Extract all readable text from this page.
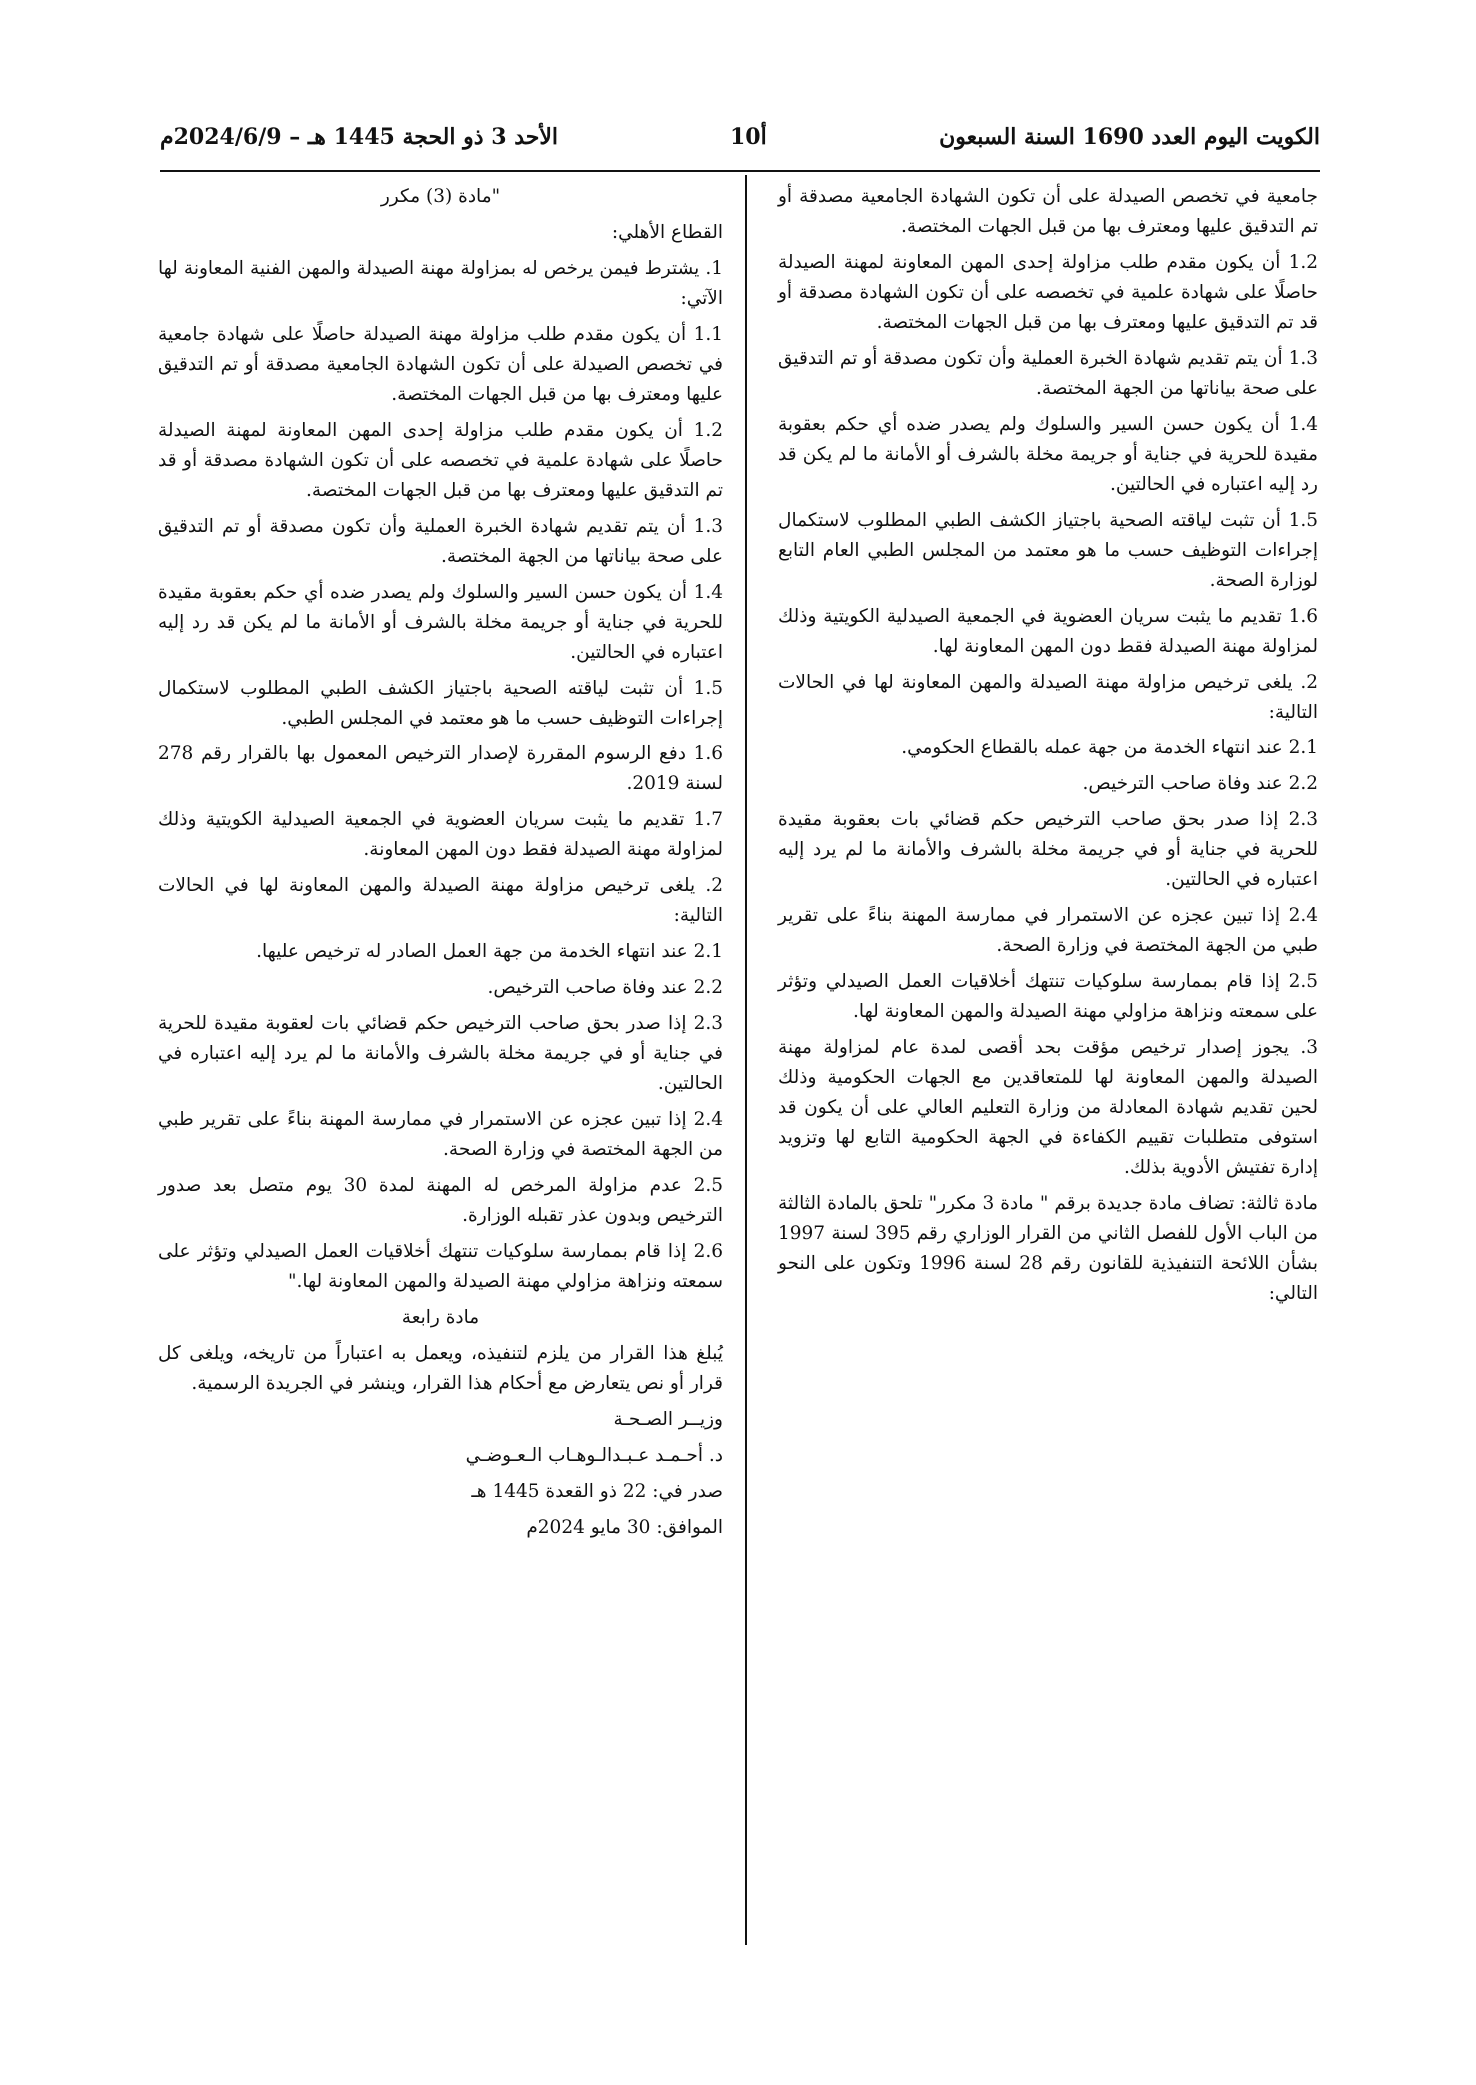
الكويت اليوم العدد 1690 السنة السبعون
10أ
الأحد 3 ذو الحجة 1445 هـ – 2024/6/9م

جامعية في تخصص الصيدلة على أن تكون الشهادة الجامعية مصدقة أو تم التدقيق عليها ومعترف بها من قبل الجهات المختصة.

1.2 أن يكون مقدم طلب مزاولة إحدى المهن المعاونة لمهنة الصيدلة حاصلًا على شهادة علمية في تخصصه على أن تكون الشهادة مصدقة أو قد تم التدقيق عليها ومعترف بها من قبل الجهات المختصة.

1.3 أن يتم تقديم شهادة الخبرة العملية وأن تكون مصدقة أو تم التدقيق على صحة بياناتها من الجهة المختصة.

1.4 أن يكون حسن السير والسلوك ولم يصدر ضده أي حكم بعقوبة مقيدة للحرية في جناية أو جريمة مخلة بالشرف أو الأمانة ما لم يكن قد رد إليه اعتباره في الحالتين.

1.5 أن تثبت لياقته الصحية باجتياز الكشف الطبي المطلوب لاستكمال إجراءات التوظيف حسب ما هو معتمد من المجلس الطبي العام التابع لوزارة الصحة.

1.6 تقديم ما يثبت سريان العضوية في الجمعية الصيدلية الكويتية وذلك لمزاولة مهنة الصيدلة فقط دون المهن المعاونة لها.

2. يلغى ترخيص مزاولة مهنة الصيدلة والمهن المعاونة لها في الحالات التالية:

2.1 عند انتهاء الخدمة من جهة عمله بالقطاع الحكومي.

2.2 عند وفاة صاحب الترخيص.

2.3 إذا صدر بحق صاحب الترخيص حكم قضائي بات بعقوبة مقيدة للحرية في جناية أو في جريمة مخلة بالشرف والأمانة ما لم يرد إليه اعتباره في الحالتين.

2.4 إذا تبين عجزه عن الاستمرار في ممارسة المهنة بناءً على تقرير طبي من الجهة المختصة في وزارة الصحة.

2.5 إذا قام بممارسة سلوكيات تنتهك أخلاقيات العمل الصيدلي وتؤثر على سمعته ونزاهة مزاولي مهنة الصيدلة والمهن المعاونة لها.

3. يجوز إصدار ترخيص مؤقت بحد أقصى لمدة عام لمزاولة مهنة الصيدلة والمهن المعاونة لها للمتعاقدين مع الجهات الحكومية وذلك لحين تقديم شهادة المعادلة من وزارة التعليم العالي على أن يكون قد استوفى متطلبات تقييم الكفاءة في الجهة الحكومية التابع لها وتزويد إدارة تفتيش الأدوية بذلك.

مادة ثالثة: تضاف مادة جديدة برقم " مادة 3 مكرر" تلحق بالمادة الثالثة من الباب الأول للفصل الثاني من القرار الوزاري رقم 395 لسنة 1997 بشأن اللائحة التنفيذية للقانون رقم 28 لسنة 1996 وتكون على النحو التالي:

"مادة (3) مكرر

القطاع الأهلي:

1. يشترط فيمن يرخص له بمزاولة مهنة الصيدلة والمهن الفنية المعاونة لها الآتي:

1.1 أن يكون مقدم طلب مزاولة مهنة الصيدلة حاصلًا على شهادة جامعية في تخصص الصيدلة على أن تكون الشهادة الجامعية مصدقة أو تم التدقيق عليها ومعترف بها من قبل الجهات المختصة.

1.2 أن يكون مقدم طلب مزاولة إحدى المهن المعاونة لمهنة الصيدلة حاصلًا على شهادة علمية في تخصصه على أن تكون الشهادة مصدقة أو قد تم التدقيق عليها ومعترف بها من قبل الجهات المختصة.

1.3 أن يتم تقديم شهادة الخبرة العملية وأن تكون مصدقة أو تم التدقيق على صحة بياناتها من الجهة المختصة.

1.4 أن يكون حسن السير والسلوك ولم يصدر ضده أي حكم بعقوبة مقيدة للحرية في جناية أو جريمة مخلة بالشرف أو الأمانة ما لم يكن قد رد إليه اعتباره في الحالتين.

1.5 أن تثبت لياقته الصحية باجتياز الكشف الطبي المطلوب لاستكمال إجراءات التوظيف حسب ما هو معتمد في المجلس الطبي.

1.6 دفع الرسوم المقررة لإصدار الترخيص المعمول بها بالقرار رقم 278 لسنة 2019.

1.7 تقديم ما يثبت سريان العضوية في الجمعية الصيدلية الكويتية وذلك لمزاولة مهنة الصيدلة فقط دون المهن المعاونة.

2. يلغى ترخيص مزاولة مهنة الصيدلة والمهن المعاونة لها في الحالات التالية:

2.1 عند انتهاء الخدمة من جهة العمل الصادر له ترخيص عليها.

2.2 عند وفاة صاحب الترخيص.

2.3 إذا صدر بحق صاحب الترخيص حكم قضائي بات لعقوبة مقيدة للحرية في جناية أو في جريمة مخلة بالشرف والأمانة ما لم يرد إليه اعتباره في الحالتين.

2.4 إذا تبين عجزه عن الاستمرار في ممارسة المهنة بناءً على تقرير طبي من الجهة المختصة في وزارة الصحة.

2.5 عدم مزاولة المرخص له المهنة لمدة 30 يوم متصل بعد صدور الترخيص وبدون عذر تقبله الوزارة.

2.6 إذا قام بممارسة سلوكيات تنتهك أخلاقيات العمل الصيدلي وتؤثر على سمعته ونزاهة مزاولي مهنة الصيدلة والمهن المعاونة لها."

مادة رابعة

يُبلغ هذا القرار من يلزم لتنفيذه، ويعمل به اعتباراً من تاريخه، ويلغى كل قرار أو نص يتعارض مع أحكام هذا القرار، وينشر في الجريدة الرسمية.

وزيــر الصـحـة

د. أحـمـد عـبـدالـوهـاب الـعـوضـي

صدر في: 22 ذو القعدة 1445 هـ

الموافق: 30 مايو 2024م
